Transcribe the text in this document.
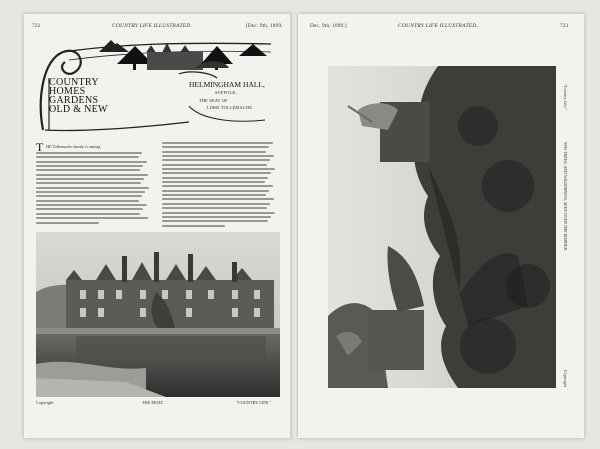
722	COUNTRY LIFE ILLUSTRATED.	[Dec. 9th, 1899.
COUNTRY
HOMES
GARDENS
OLD & NEW
HELMINGHAM HALL,
SUFFOLK,
THE SEAT OF
LORD TOLLEMACHE.
T HE Tollemache family is among
Copyright	THE MOAT.	"COUNTRY LIFE."
Dec. 9th, 1899.]	COUNTRY LIFE ILLUSTRATED.	723
"Country Life."
YEW TREES, AND WILDERNESS, SEEN OVER THE BORDER.
Copyright
